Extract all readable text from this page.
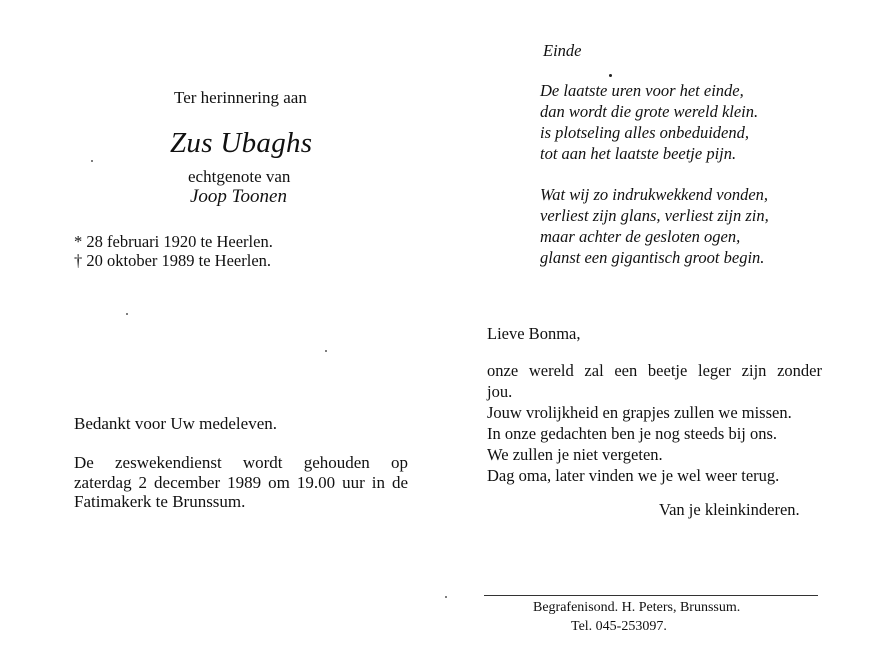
Ter herinnering aan
Zus Ubaghs
echtgenote van
Joop Toonen
* 28 februari 1920 te Heerlen.
† 20 oktober 1989 te Heerlen.
Bedankt voor Uw medeleven.
De zeswekendienst wordt gehouden op
zaterdag 2 december 1989 om 19.00 uur in de
Fatimakerk te Brunssum.
Einde
De laatste uren voor het einde,
dan wordt die grote wereld klein.
is plotseling alles onbeduidend,
tot aan het laatste beetje pijn.
Wat wij zo indrukwekkend vonden,
verliest zijn glans, verliest zijn zin,
maar achter de gesloten ogen,
glanst een gigantisch groot begin.
Lieve Bonma,
onze wereld zal een beetje leger zijn zonder
jou.
Jouw vrolijkheid en grapjes zullen we missen.
In onze gedachten ben je nog steeds bij ons.
We zullen je niet vergeten.
Dag oma, later vinden we je wel weer terug.
Van je kleinkinderen.
Begrafenisond. H. Peters, Brunssum.
Tel. 045-253097.
